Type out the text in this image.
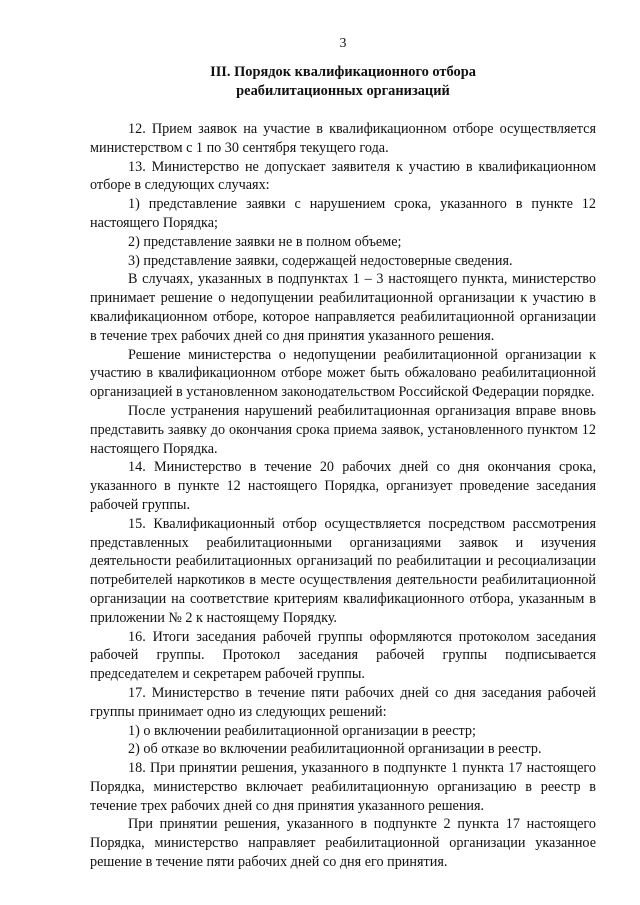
3
III. Порядок квалификационного отбора
реабилитационных организаций

12. Прием заявок на участие в квалификационном отборе осуществляется министерством с 1 по 30 сентября текущего года.

13. Министерство не допускает заявителя к участию в квалификационном отборе в следующих случаях:

1) представление заявки с нарушением срока, указанного в пункте 12 настоящего Порядка;

2) представление заявки не в полном объеме;

3) представление заявки, содержащей недостоверные сведения.

В случаях, указанных в подпунктах 1 – 3 настоящего пункта, министерство принимает решение о недопущении реабилитационной организации к участию в квалификационном отборе, которое направляется реабилитационной организации в течение трех рабочих дней со дня принятия указанного решения.

Решение министерства о недопущении реабилитационной организации к участию в квалификационном отборе может быть обжаловано реабилитационной организацией в установленном законодательством Российской Федерации порядке.

После устранения нарушений реабилитационная организация вправе вновь представить заявку до окончания срока приема заявок, установленного пунктом 12 настоящего Порядка.

14. Министерство в течение 20 рабочих дней со дня окончания срока, указанного в пункте 12 настоящего Порядка, организует проведение заседания рабочей группы.

15. Квалификационный отбор осуществляется посредством рассмотрения представленных реабилитационными организациями заявок и изучения деятельности реабилитационных организаций по реабилитации и ресоциализации потребителей наркотиков в месте осуществления деятельности реабилитационной организации на соответствие критериям квалификационного отбора, указанным в приложении № 2 к настоящему Порядку.

16. Итоги заседания рабочей группы оформляются протоколом заседания рабочей группы. Протокол заседания рабочей группы подписывается председателем и секретарем рабочей группы.

17. Министерство в течение пяти рабочих дней со дня заседания рабочей группы принимает одно из следующих решений:

1) о включении реабилитационной организации в реестр;

2) об отказе во включении реабилитационной организации в реестр.

18. При принятии решения, указанного в подпункте 1 пункта 17 настоящего Порядка, министерство включает реабилитационную организацию в реестр в течение трех рабочих дней со дня принятия указанного решения.

При принятии решения, указанного в подпункте 2 пункта 17 настоящего Порядка, министерство направляет реабилитационной организации указанное решение в течение пяти рабочих дней со дня его принятия.
